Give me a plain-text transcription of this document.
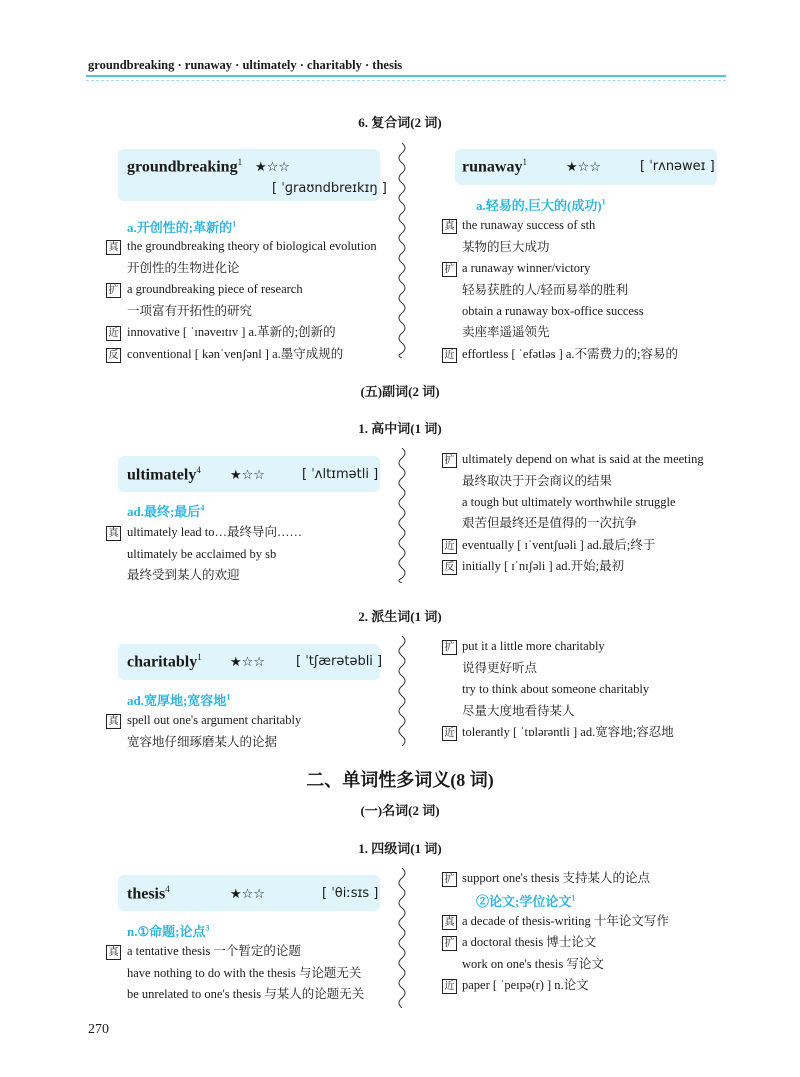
groundbreaking · runaway · ultimately · charitably · thesis
6. 复合词(2 词)
groundbreaking$^1$ ★☆☆
[ ˈɡraʊndbreɪkɪŋ ]
a.开创性的;革新的$^1$
真 the groundbreaking theory of biological evolution
开创性的生物进化论
扩 a groundbreaking piece of research
一项富有开拓性的研究
近 innovative [ ˈɪnəveɪtɪv ] a.革新的;创新的
反 conventional [ kənˈvenʃənl ] a.墨守成规的
runaway$^1$	★☆☆	[ ˈrʌnəweɪ ]
a.轻易的,巨大的(成功)$^1$
真 the runaway success of sth
某物的巨大成功
扩 a runaway winner/victory
轻易获胜的人/轻而易举的胜利
obtain a runaway box-office success
卖座率遥遥领先
近 effortless [ ˈefətləs ] a.不需费力的;容易的
(五)副词(2 词)
1. 高中词(1 词)
ultimately$^4$ ★☆☆	[ ˈʌltɪmətli ]
ad.最终;最后$^4$
真 ultimately lead to…最终导向……
ultimately be acclaimed by sb
最终受到某人的欢迎
扩 ultimately depend on what is said at the meeting
最终取决于开会商议的结果
a tough but ultimately worthwhile struggle
艰苦但最终还是值得的一次抗争
近 eventually [ ɪˈventʃuəli ] ad.最后;终于
反 initially [ ɪˈnɪʃəli ] ad.开始;最初
2. 派生词(1 词)
charitably$^1$ ★☆☆ [ ˈtʃærətəbli ]
ad.宽厚地;宽容地$^1$
真 spell out one's argument charitably
宽容地仔细琢磨某人的论据
扩 put it a little more charitably
说得更好听点
try to think about someone charitably
尽量大度地看待某人
近 tolerantly [ ˈtɒlərəntli ] ad.宽容地;容忍地
二、单词性多词义(8 词)
(一)名词(2 词)
1. 四级词(1 词)
thesis$^4$	★☆☆	[ ˈθiːsɪs ]
n.①命题;论点$^3$
真 a tentative thesis 一个暂定的论题
have nothing to do with the thesis 与论题无关
be unrelated to one's thesis 与某人的论题无关
扩 support one's thesis 支持某人的论点
②论文;学位论文$^1$
真 a decade of thesis-writing 十年论文写作
扩 a doctoral thesis 博士论文
work on one's thesis 写论文
近 paper [ ˈpeɪpə(r) ] n.论文
270
